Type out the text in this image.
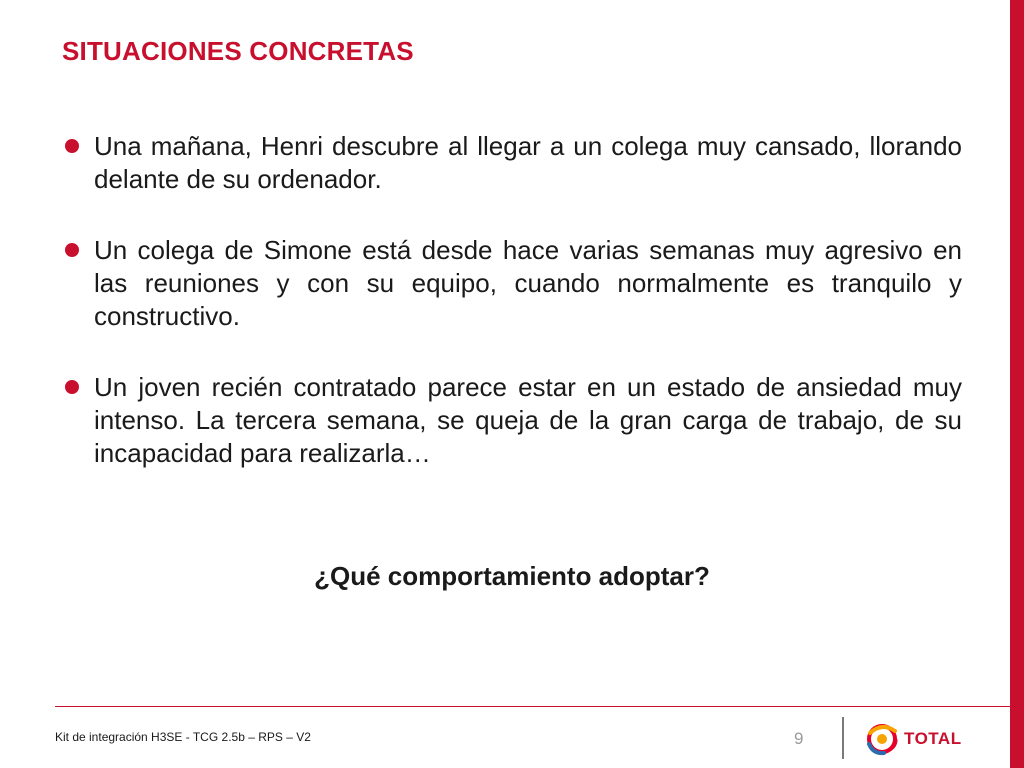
SITUACIONES CONCRETAS
Una mañana, Henri descubre al llegar a un colega muy cansado, llorando delante de su ordenador.
Un colega de Simone está desde hace varias semanas muy agresivo en las reuniones y con su equipo, cuando normalmente es tranquilo y constructivo.
Un joven recién contratado parece estar en un estado de ansiedad muy intenso. La tercera semana, se queja de la gran carga de trabajo, de su incapacidad para realizarla…
¿Qué comportamiento adoptar?
Kit de integración H3SE - TCG 2.5b – RPS – V2	9	TOTAL
